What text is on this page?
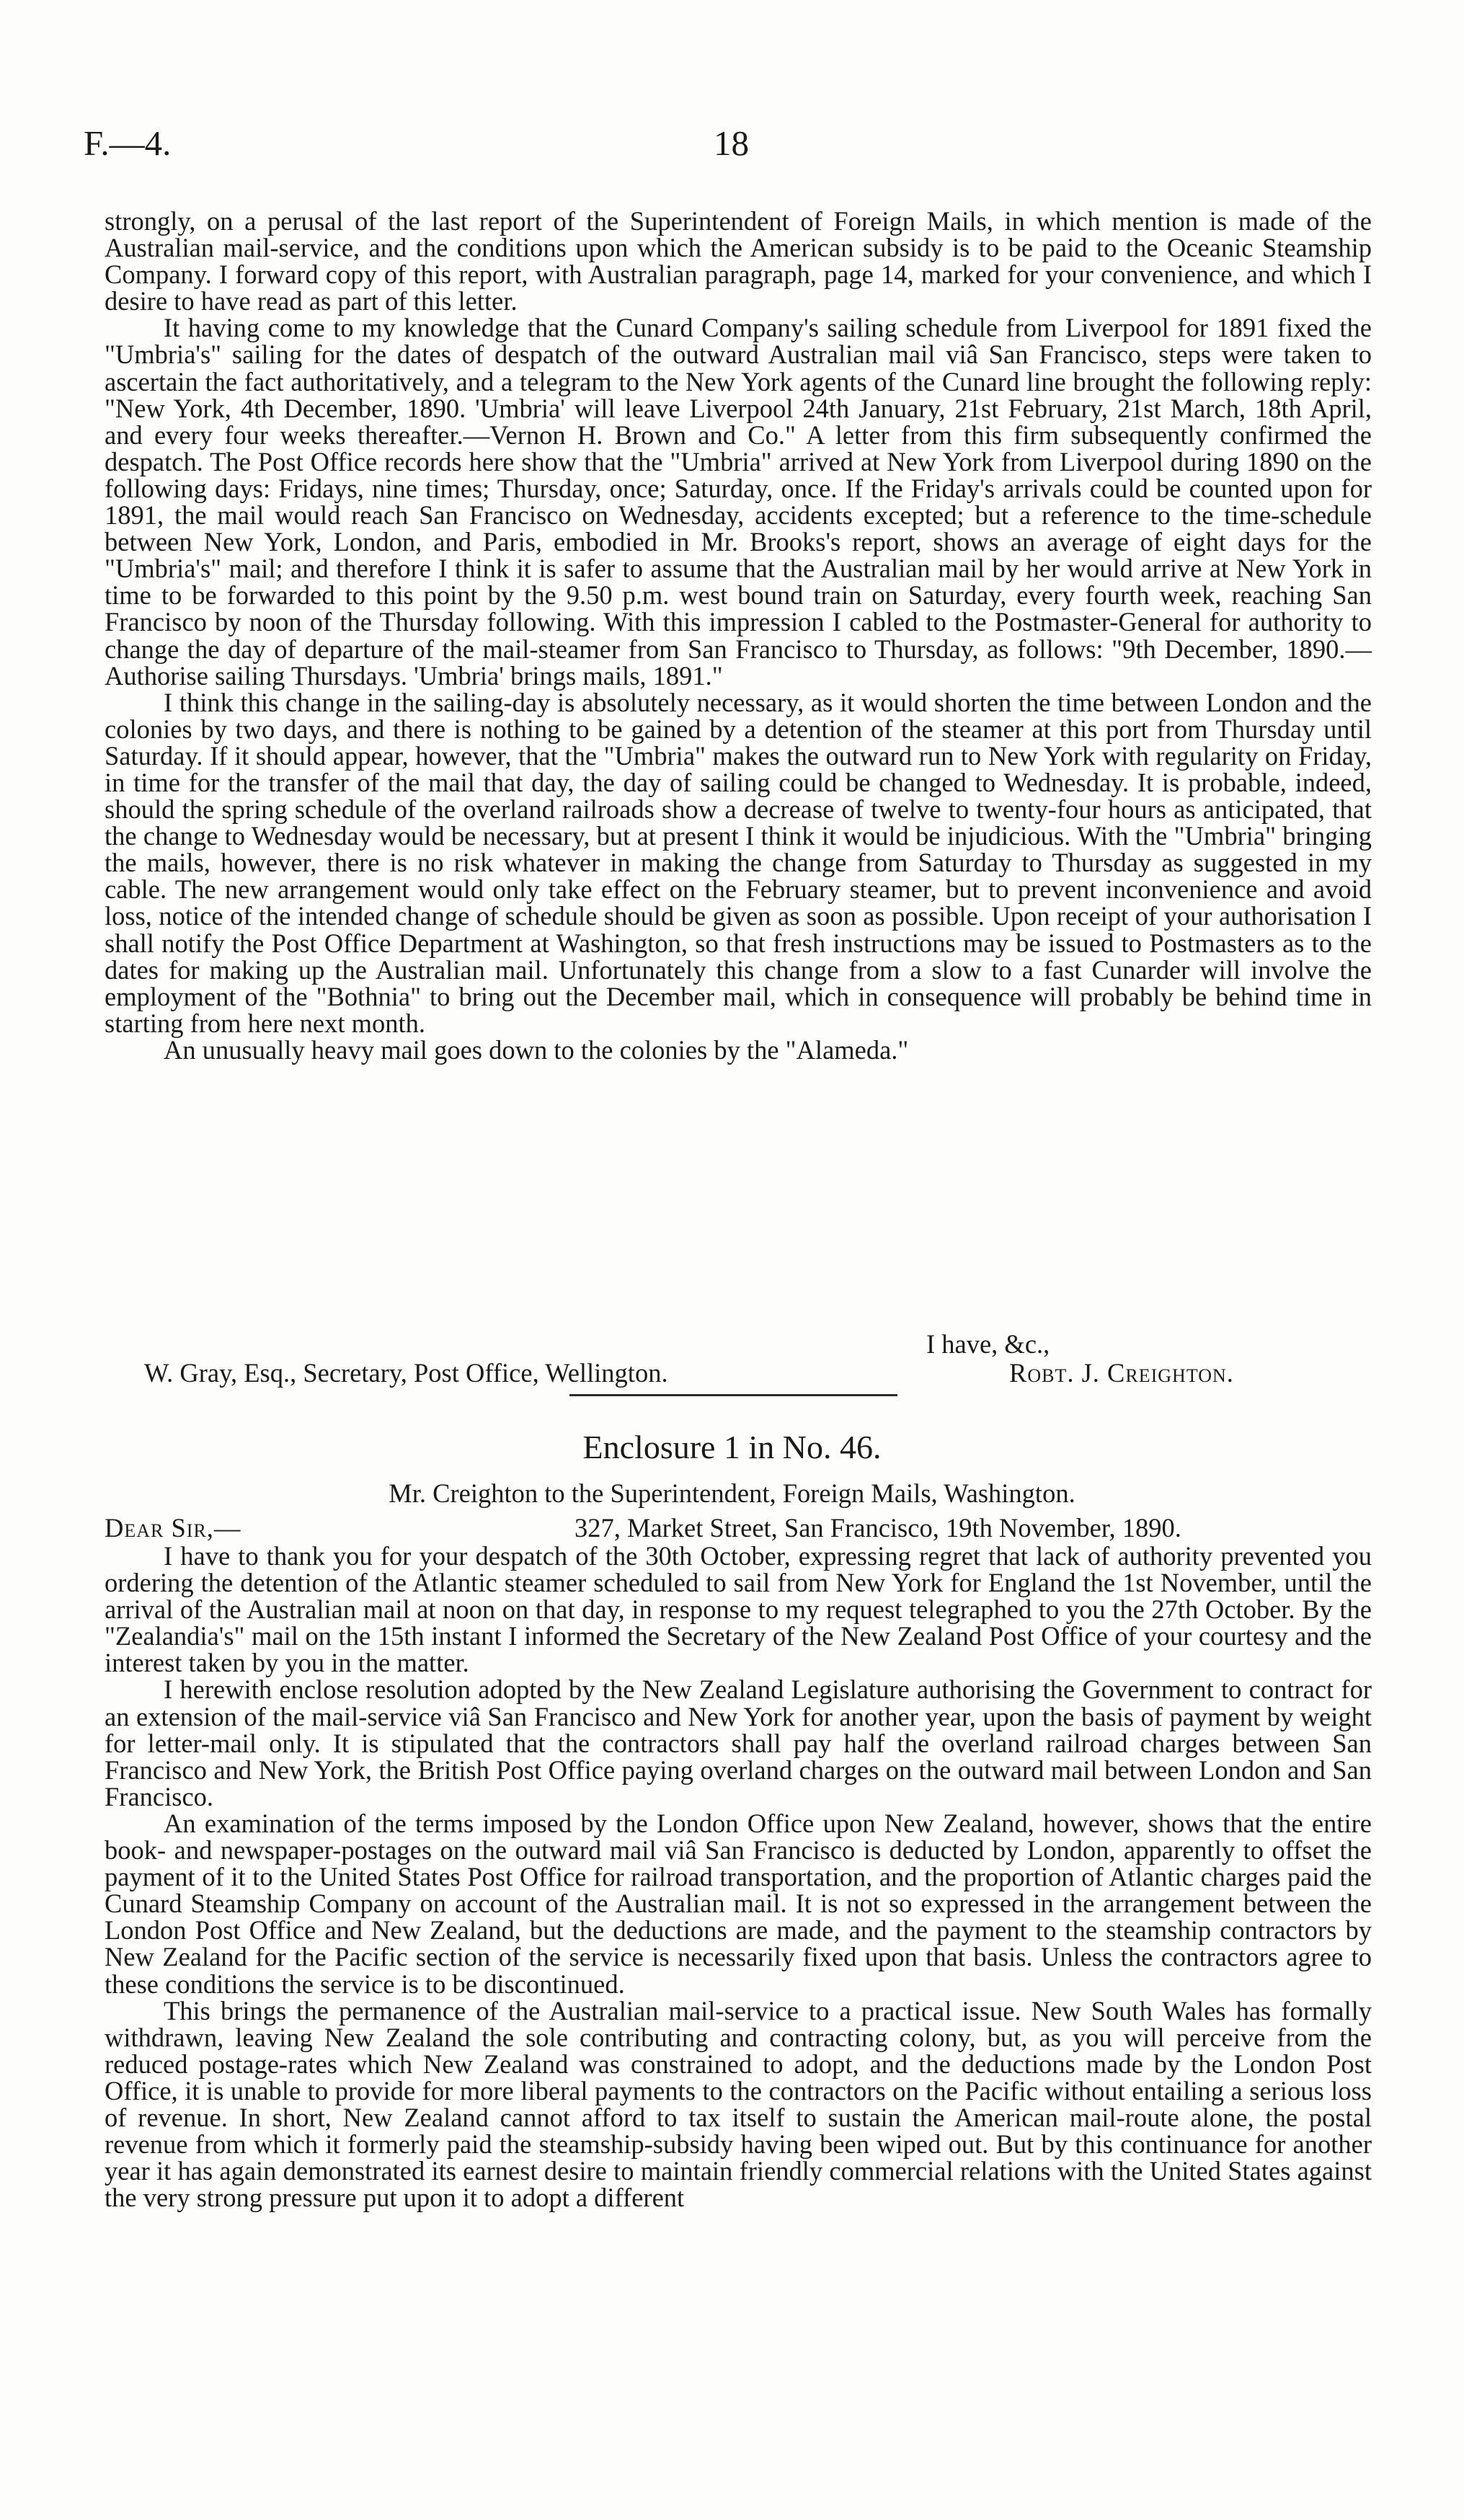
F.—4.	18

strongly, on a perusal of the last report of the Superintendent of Foreign Mails, in which mention is made of the Australian mail-service, and the conditions upon which the American subsidy is to be paid to the Oceanic Steamship Company. I forward copy of this report, with Australian paragraph, page 14, marked for your convenience, and which I desire to have read as part of this letter.

It having come to my knowledge that the Cunard Company's sailing schedule from Liverpool for 1891 fixed the "Umbria's" sailing for the dates of despatch of the outward Australian mail viâ San Francisco, steps were taken to ascertain the fact authoritatively, and a telegram to the New York agents of the Cunard line brought the following reply: "New York, 4th December, 1890. 'Umbria' will leave Liverpool 24th January, 21st February, 21st March, 18th April, and every four weeks thereafter.—Vernon H. Brown and Co." A letter from this firm subsequently confirmed the despatch. The Post Office records here show that the "Umbria" arrived at New York from Liverpool during 1890 on the following days: Fridays, nine times; Thursday, once; Saturday, once. If the Friday's arrivals could be counted upon for 1891, the mail would reach San Francisco on Wednesday, accidents excepted; but a reference to the time-schedule between New York, London, and Paris, embodied in Mr. Brooks's report, shows an average of eight days for the "Umbria's" mail; and therefore I think it is safer to assume that the Australian mail by her would arrive at New York in time to be forwarded to this point by the 9.50 p.m. west bound train on Saturday, every fourth week, reaching San Francisco by noon of the Thursday following. With this impression I cabled to the Postmaster-General for authority to change the day of departure of the mail-steamer from San Francisco to Thursday, as follows: "9th December, 1890.—Authorise sailing Thursdays. 'Umbria' brings mails, 1891."

I think this change in the sailing-day is absolutely necessary, as it would shorten the time between London and the colonies by two days, and there is nothing to be gained by a detention of the steamer at this port from Thursday until Saturday. If it should appear, however, that the "Umbria" makes the outward run to New York with regularity on Friday, in time for the transfer of the mail that day, the day of sailing could be changed to Wednesday. It is probable, indeed, should the spring schedule of the overland railroads show a decrease of twelve to twenty-four hours as anticipated, that the change to Wednesday would be necessary, but at present I think it would be injudicious. With the "Umbria" bringing the mails, however, there is no risk whatever in making the change from Saturday to Thursday as suggested in my cable. The new arrangement would only take effect on the February steamer, but to prevent inconvenience and avoid loss, notice of the intended change of schedule should be given as soon as possible. Upon receipt of your authorisation I shall notify the Post Office Department at Washington, so that fresh instructions may be issued to Postmasters as to the dates for making up the Australian mail. Unfortunately this change from a slow to a fast Cunarder will involve the employment of the "Bothnia" to bring out the December mail, which in consequence will probably be behind time in starting from here next month.

An unusually heavy mail goes down to the colonies by the "Alameda."

I have, &c.,
W. Gray, Esq., Secretary, Post Office, Wellington.	Robt. J. Creighton.
Enclosure 1 in No. 46.
Mr. Creighton to the Superintendent, Foreign Mails, Washington.
Dear Sir,—	327, Market Street, San Francisco, 19th November, 1890.

I have to thank you for your despatch of the 30th October, expressing regret that lack of authority prevented you ordering the detention of the Atlantic steamer scheduled to sail from New York for England the 1st November, until the arrival of the Australian mail at noon on that day, in response to my request telegraphed to you the 27th October. By the "Zealandia's" mail on the 15th instant I informed the Secretary of the New Zealand Post Office of your courtesy and the interest taken by you in the matter.

I herewith enclose resolution adopted by the New Zealand Legislature authorising the Government to contract for an extension of the mail-service viâ San Francisco and New York for another year, upon the basis of payment by weight for letter-mail only. It is stipulated that the contractors shall pay half the overland railroad charges between San Francisco and New York, the British Post Office paying overland charges on the outward mail between London and San Francisco.

An examination of the terms imposed by the London Office upon New Zealand, however, shows that the entire book- and newspaper-postages on the outward mail viâ San Francisco is deducted by London, apparently to offset the payment of it to the United States Post Office for railroad transportation, and the proportion of Atlantic charges paid the Cunard Steamship Company on account of the Australian mail. It is not so expressed in the arrangement between the London Post Office and New Zealand, but the deductions are made, and the payment to the steamship contractors by New Zealand for the Pacific section of the service is necessarily fixed upon that basis. Unless the contractors agree to these conditions the service is to be discontinued.

This brings the permanence of the Australian mail-service to a practical issue. New South Wales has formally withdrawn, leaving New Zealand the sole contributing and contracting colony, but, as you will perceive from the reduced postage-rates which New Zealand was constrained to adopt, and the deductions made by the London Post Office, it is unable to provide for more liberal payments to the contractors on the Pacific without entailing a serious loss of revenue. In short, New Zealand cannot afford to tax itself to sustain the American mail-route alone, the postal revenue from which it formerly paid the steamship-subsidy having been wiped out. But by this continuance for another year it has again demonstrated its earnest desire to maintain friendly commercial relations with the United States against the very strong pressure put upon it to adopt a different
